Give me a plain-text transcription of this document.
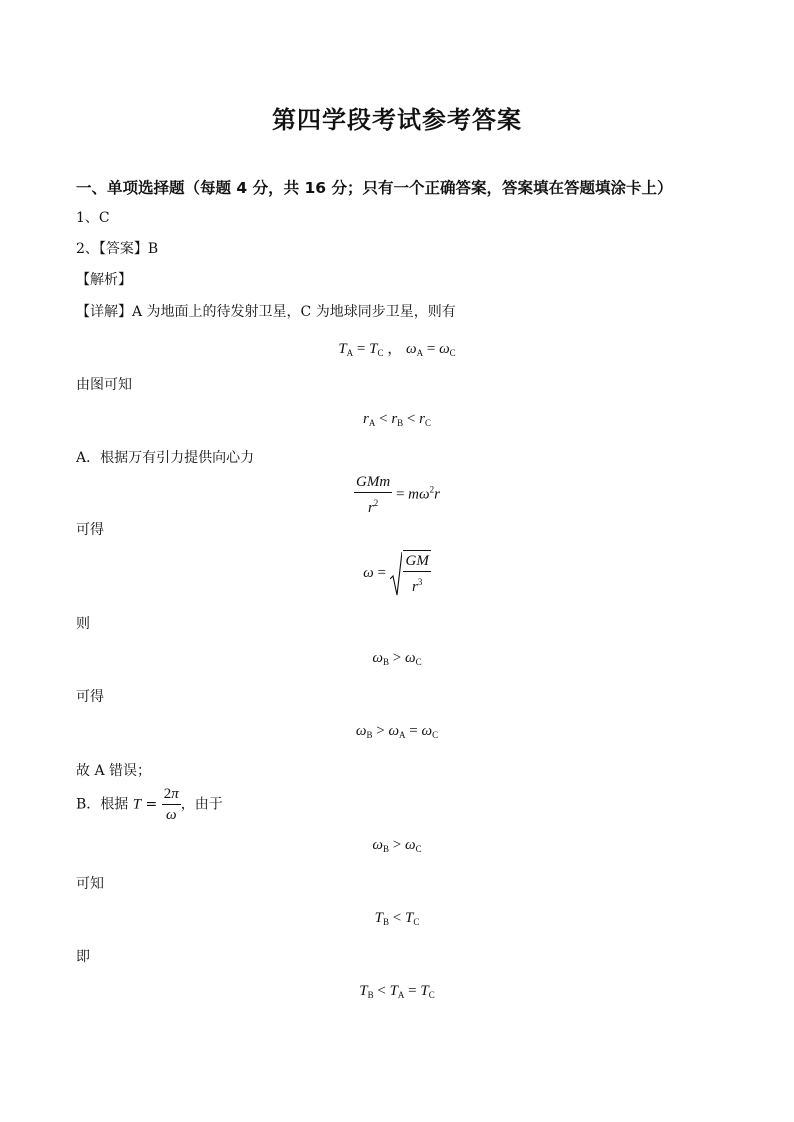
第四学段考试参考答案
一、单项选择题（每题 4 分，共 16 分；只有一个正确答案，答案填在答题填涂卡上）
1、C
2、【答案】B
【解析】
【详解】A 为地面上的待发射卫星，C 为地球同步卫星，则有
$T_A = T_C$ ， $\omega_A = \omega_C$
由图可知
$r_A < r_B < r_C$
A．根据万有引力提供向心力
$\frac{\text{GMm}}{r^2} = m\omega^2r$
可得
$\omega = \frac{GM}{r^3}$
则
$\omega_B > \omega_C$
可得
$\omega_B > \omega_A = \omega_C$
故 A 错误；
B．根据 $T = \frac{2\pi}{\omega}$ ，由于
$\omega_B > \omega_C$
可知
$T_B < T_C$
即
$T_B < T_A = T_C$
